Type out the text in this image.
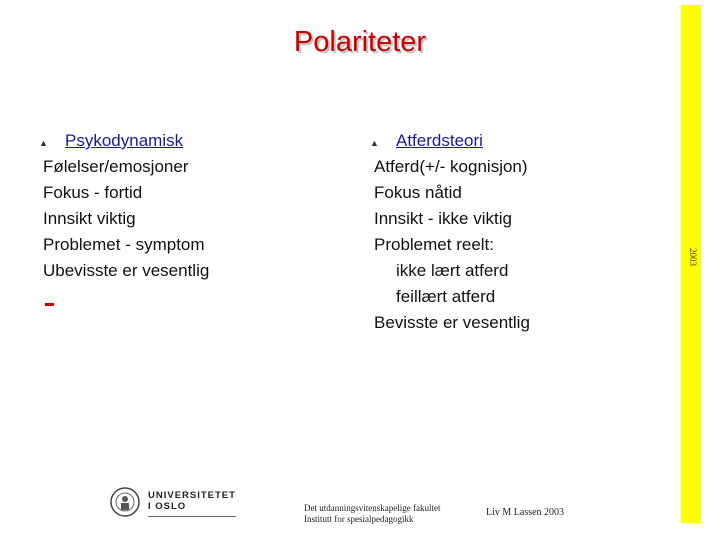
Polariteter
▲ Psykodynamisk
Følelser/emosjoner
Fokus - fortid
Innsikt viktig
Problemet - symptom
Ubevisste er vesentlig
▲ Atferdsteori
Atferd(+/- kognisjon)
Fokus nåtid
Innsikt - ikke viktig
Problemet reelt:
ikke lært atferd
feillært atferd
Bevisste er vesentlig
2003
UNIVERSITETET
I OSLO	Det utdanningsvitenskapelige fakultet
Institutt for spesialpedagogikk
Liv M Lassen 2003
